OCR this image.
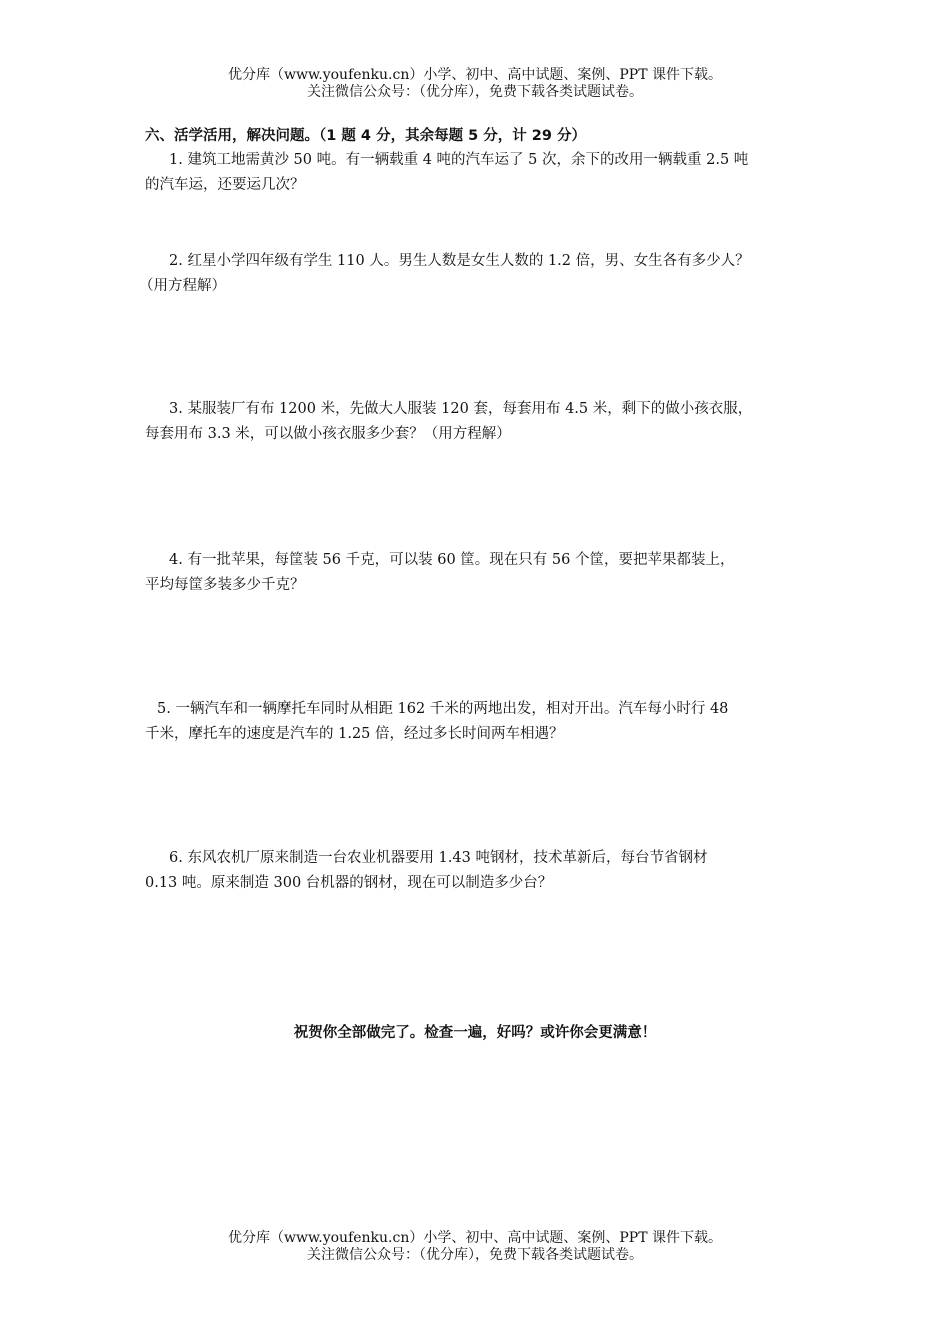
优分库（www.youfenku.cn）小学、初中、高中试题、案例、PPT 课件下载。
关注微信公众号：（优分库），免费下载各类试题试卷。
六、活学活用，解决问题。（1 题 4 分，其余每题 5 分，计 29 分）
1. 建筑工地需黄沙 50 吨。有一辆载重 4 吨的汽车运了 5 次，余下的改用一辆载重 2.5 吨
的汽车运，还要运几次？
2. 红星小学四年级有学生 110 人。男生人数是女生人数的 1.2 倍，男、女生各有多少人？
（用方程解）
3. 某服装厂有布 1200 米，先做大人服装 120 套，每套用布 4.5 米，剩下的做小孩衣服，
每套用布 3.3 米，可以做小孩衣服多少套？（用方程解）
4. 有一批苹果，每筐装 56 千克，可以装 60 筐。现在只有 56 个筐，要把苹果都装上，
平均每筐多装多少千克？
5. 一辆汽车和一辆摩托车同时从相距 162 千米的两地出发，相对开出。汽车每小时行 48
千米，摩托车的速度是汽车的 1.25 倍，经过多长时间两车相遇？
6. 东风农机厂原来制造一台农业机器要用 1.43 吨钢材，技术革新后，每台节省钢材
0.13 吨。原来制造 300 台机器的钢材，现在可以制造多少台？
祝贺你全部做完了。检查一遍，好吗？或许你会更满意！
优分库（www.youfenku.cn）小学、初中、高中试题、案例、PPT 课件下载。
关注微信公众号：（优分库），免费下载各类试题试卷。
